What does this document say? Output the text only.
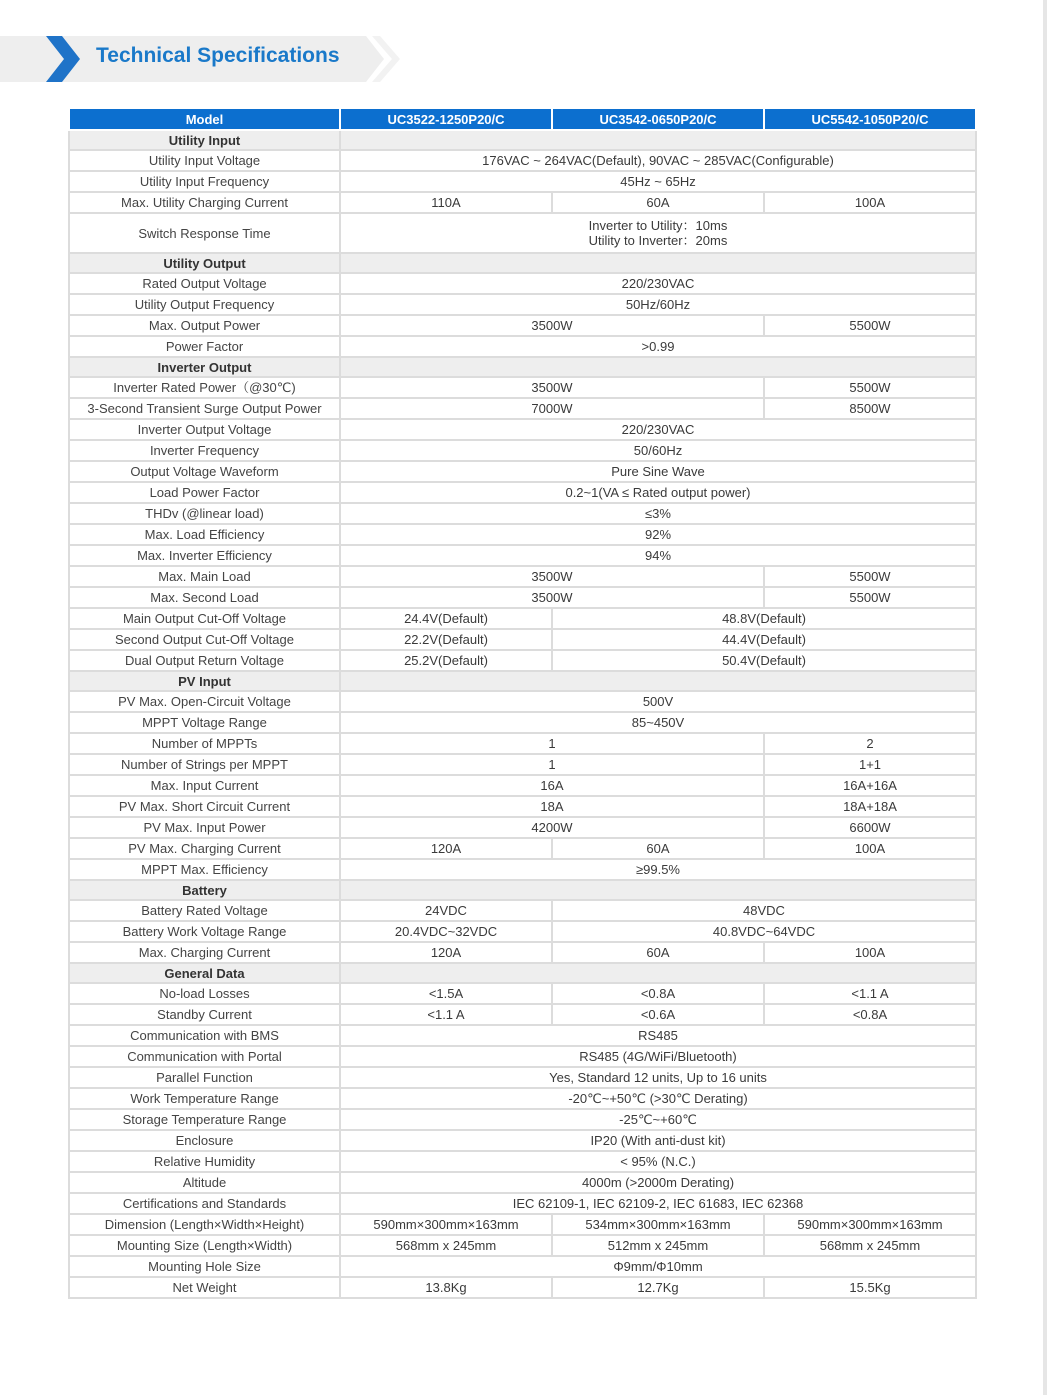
Technical Specifications
Model	UC3522-1250P20/C	UC3542-0650P20/C	UC5542-1050P20/C
Utility Input			
Utility Input Voltage	176VAC ~ 264VAC(Default), 90VAC ~ 285VAC(Configurable)		
Utility Input Frequency	45Hz ~ 65Hz		
Max. Utility Charging Current	110A	60A	100A
Switch Response Time	Inverter to Utility：10ms
Utility to Inverter：20ms		

Utility Output			
Rated Output Voltage	220/230VAC		
Utility Output Frequency	50Hz/60Hz		
Max. Output Power	3500W		5500W
Power Factor	>0.99		
Inverter Output			
Inverter Rated Power（@30℃)	3500W		5500W
3-Second Transient Surge Output Power	7000W		8500W
Inverter Output Voltage	220/230VAC		
Inverter Frequency	50/60Hz		
Output Voltage Waveform	Pure Sine Wave		
Load Power Factor	0.2~1(VA ≤ Rated output power)		
THDv (@linear load)	≤3%		
Max. Load Efficiency	92%		
Max. Inverter Efficiency	94%		
Max. Main Load	3500W		5500W
Max. Second Load	3500W		5500W
Main Output Cut-Off Voltage	24.4V(Default)	48.8V(Default)	
Second Output Cut-Off Voltage	22.2V(Default)	44.4V(Default)	
Dual Output Return Voltage	25.2V(Default)	50.4V(Default)	
PV Input			
PV Max. Open-Circuit Voltage	500V		
MPPT Voltage Range	85~450V		
Number of MPPTs	1		2
Number of Strings per MPPT	1		1+1
Max. Input Current	16A		16A+16A
PV Max. Short Circuit Current	18A		18A+18A
PV Max. Input Power	4200W		6600W
PV Max. Charging Current	120A	60A	100A
MPPT Max. Efficiency	≥99.5%		
Battery			
Battery Rated Voltage	24VDC	48VDC	
Battery Work Voltage Range	20.4VDC~32VDC	40.8VDC~64VDC	
Max. Charging Current	120A	60A	100A
General Data			
No-load Losses	<1.5A	<0.8A	<1.1 A
Standby Current	<1.1 A	<0.6A	<0.8A
Communication with BMS	RS485		
Communication with Portal	RS485 (4G/WiFi/Bluetooth)		
Parallel Function	Yes, Standard 12 units, Up to 16 units		
Work Temperature Range	-20℃~+50℃ (>30℃ Derating)		
Storage Temperature Range	-25℃~+60℃		
Enclosure	IP20 (With anti-dust kit)		
Relative Humidity	< 95% (N.C.)		
Altitude	4000m (>2000m Derating)		
Certifications and Standards	IEC 62109-1, IEC 62109-2, IEC 61683, IEC 62368		
Dimension (Length×Width×Height)	590mm×300mm×163mm	534mm×300mm×163mm	590mm×300mm×163mm
Mounting Size (Length×Width)	568mm x 245mm	512mm x 245mm	568mm x 245mm
Mounting Hole Size	Φ9mm/Φ10mm		
Net Weight	13.8Kg	12.7Kg	15.5Kg
